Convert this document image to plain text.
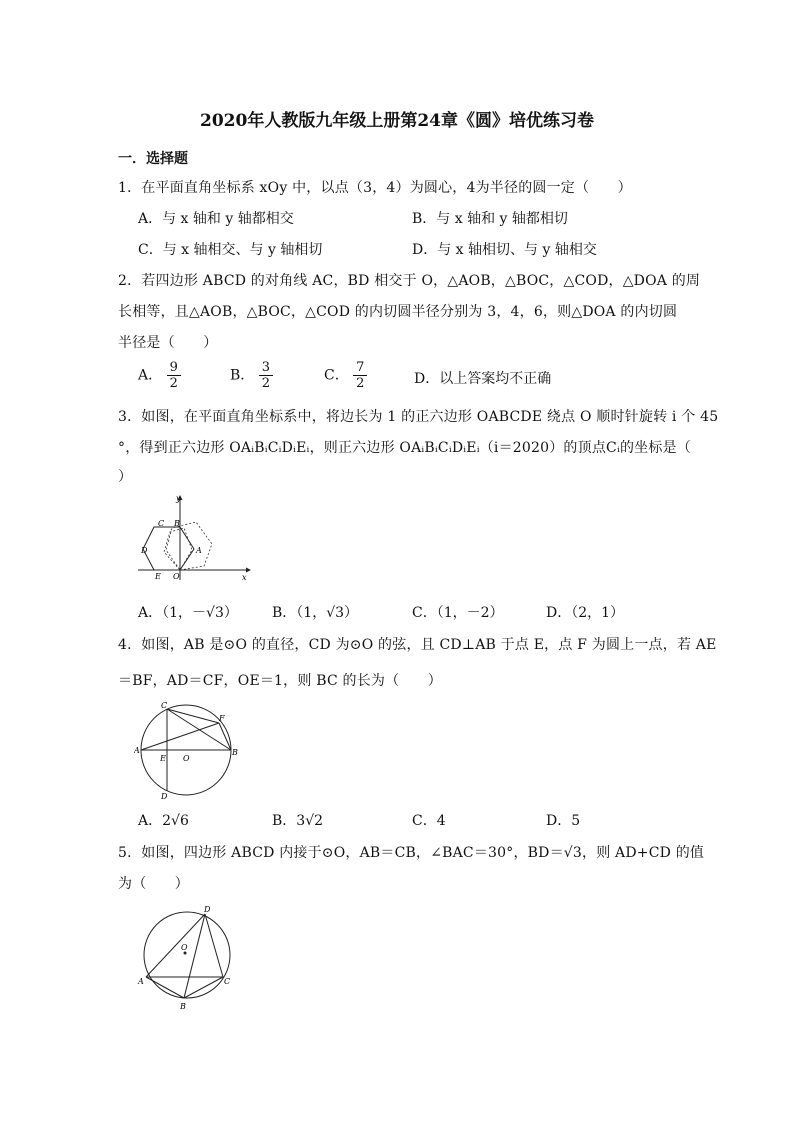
2020年人教版九年级上册第24章《圆》培优练习卷
一．选择题
1．在平面直角坐标系 xOy 中，以点（3，4）为圆心，4为半径的圆一定（　　）
A．与 x 轴和 y 轴都相交	B．与 x 轴和 y 轴都相切
C．与 x 轴相交、与 y 轴相切	D．与 x 轴相切、与 y 轴相交
2．若四边形 ABCD 的对角线 AC，BD 相交于 O，△AOB，△BOC，△COD，△DOA 的周
长相等，且△AOB，△BOC，△COD 的内切圆半径分别为 3，4，6，则△DOA 的内切圆
半径是（　　）
A． $\frac{9}{2}$	B． $\frac{3}{2}$	C． $\frac{7}{2}$	D．以上答案均不正确
3．如图，在平面直角坐标系中，将边长为 1 的正六边形 OABCDE 绕点 O 顺时针旋转 i 个 45
°，得到正六边形 OAᵢBᵢCᵢDᵢEᵢ，则正六边形 OAᵢBᵢCᵢDᵢEᵢ（i＝2020）的顶点Cᵢ的坐标是（
）
y
x
C B
D	A
E O
A．（1，－√3） B．（1，√3）	C．（1，－2）	D．（2，1）
4．如图，AB 是⊙O 的直径，CD 为⊙O 的弦，且 CD⊥AB 于点 E，点 F 为圆上一点，若 AE
＝BF，AD＝CF，OE＝1，则 BC 的长为（　　）
C
F
A
E O
B
D
A．2√6	B．3√2	C．4	D．5
5．如图，四边形 ABCD 内接于⊙O，AB＝CB，∠BAC＝30°，BD＝√3，则 AD+CD 的值
为（　　）
D
O
A	C
B
